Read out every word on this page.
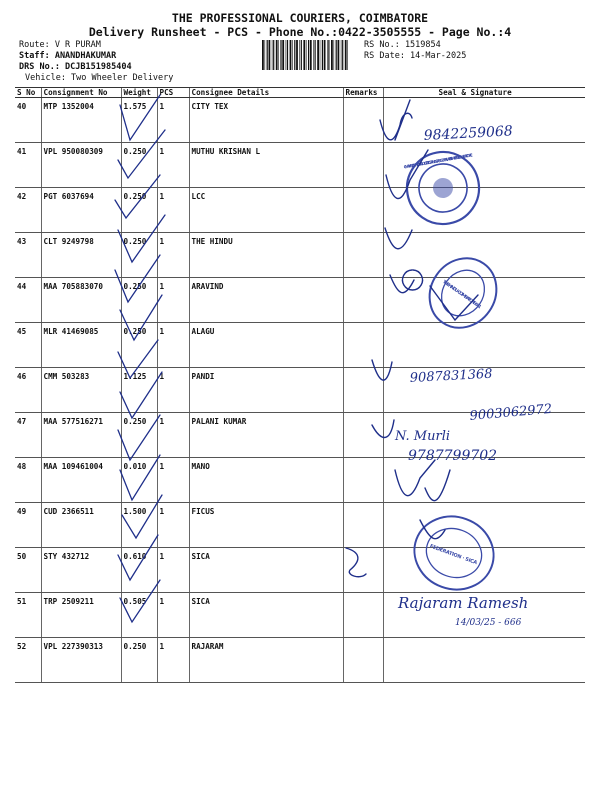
THE PROFESSIONAL COURIERS, COIMBATORE
Delivery Runsheet - PCS - Phone No.:0422-3505555 - Page No.:4
Route: V R PURAM
Staff: ANANDHAKUMAR
DRS No.: DCJB151985404
Vehicle: Two Wheeler Delivery
RS No.: 1519854
RS Date: 14-Mar-2025
S No	Consignment No	Weight	PCS	Consignee Details	Remarks	Seal & Signature
40	MTP 1352004	1.575	1	CITY TEX		
41	VPL 950080309	0.250	1	MUTHU KRISHAN L		
42	PGT 6037694	0.250	1	LCC		
43	CLT 9249798	0.250	1	THE HINDU		
44	MAA 705883070	0.250	1	ARAVIND		
45	MLR 41469085	0.250	1	ALAGU		
46	CMM 503283	1.125	1	PANDI		
47	MAA 577516271	0.250	1	PALANI KUMAR		
48	MAA 109461004	0.010	1	MANO		
49	CUD 2366511	1.500	1	FICUS		
50	STY 432712	0.610	1	SICA		
51	TRP 2509211	0.505	1	SICA		
52	VPL 227390313	0.250	1	RAJARAM		
CHAKRADHARA LOGISTICS AND CARGO PRIVATE LIMITED · COIMBATORE
THE HINDU · COIMBATORE-641
FEDERATION · SICA
9842259068
9087831368
9003062972
N. Murli
9787799702
Rajaram Ramesh
14/03/25 - 666
